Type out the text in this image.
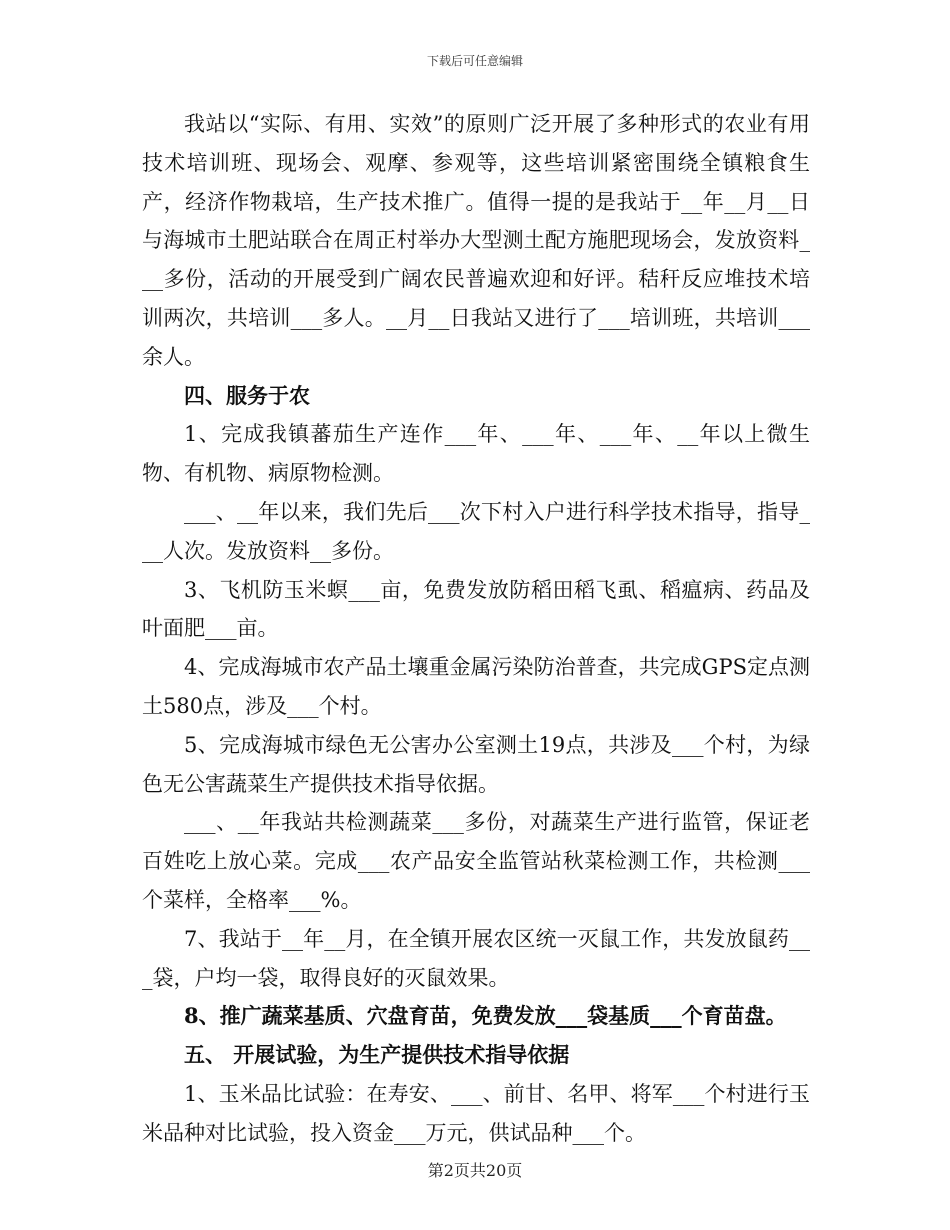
下载后可任意编辑

我站以“实际、有用、实效”的原则广泛开展了多种形式的农业有用技术培训班、现场会、观摩、参观等，这些培训紧密围绕全镇粮食生产，经济作物栽培，生产技术推广。值得一提的是我站于__年__月__日与海城市土肥站联合在周正村举办大型测土配方施肥现场会，发放资料___多份，活动的开展受到广阔农民普遍欢迎和好评。秸秆反应堆技术培训两次，共培训___多人。__月__日我站又进行了___培训班，共培训___余人。

四、服务于农

1、完成我镇蕃茄生产连作___年、___年、___年、__年以上微生物、有机物、病原物检测。

___、__年以来，我们先后___次下村入户进行科学技术指导，指导___人次。发放资料__多份。

3、飞机防玉米螟___亩，免费发放防稻田稻飞虱、稻瘟病、药品及叶面肥___亩。

4、完成海城市农产品土壤重金属污染防治普查，共完成GPS定点测土580点，涉及___个村。

5、完成海城市绿色无公害办公室测土19点，共涉及___个村，为绿色无公害蔬菜生产提供技术指导依据。

___、__年我站共检测蔬菜___多份，对蔬菜生产进行监管，保证老百姓吃上放心菜。完成___农产品安全监管站秋菜检测工作，共检测___个菜样，全格率___%。

7、我站于__年__月，在全镇开展农区统一灭鼠工作，共发放鼠药___袋，户均一袋，取得良好的灭鼠效果。

8、推广蔬菜基质、穴盘育苗，免费发放___袋基质___个育苗盘。

五、 开展试验，为生产提供技术指导依据

1、玉米品比试验：在寿安、___、前甘、名甲、将军___个村进行玉米品种对比试验，投入资金___万元，供试品种___个。

第2页共20页
